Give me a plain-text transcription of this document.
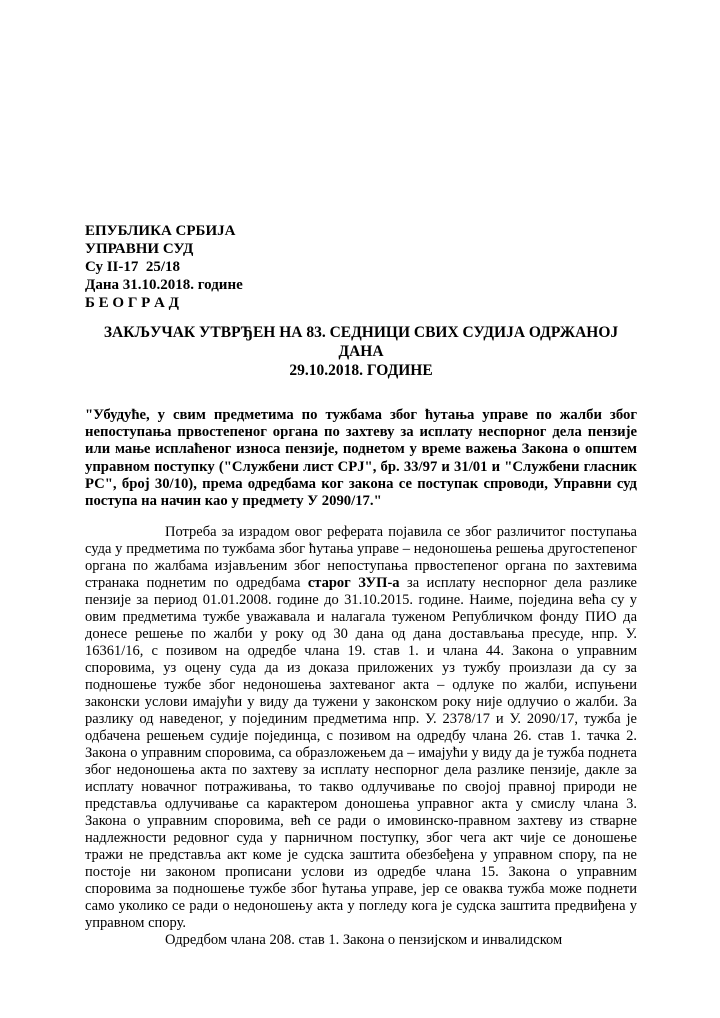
ЕПУБЛИКА СРБИЈА
УПРАВНИ СУД
Су II-17  25/18
Дана 31.10.2018. године
Б Е О Г Р А Д
ЗАКЉУЧАК УТВРЂЕН НА 83. СЕДНИЦИ СВИХ СУДИЈА ОДРЖАНОЈ ДАНА
29.10.2018. ГОДИНЕ

"Убудуће, у свим предметима по тужбама због ћутања управе по жалби због непоступања првостепеног органа по захтеву за исплату неспорног дела пензије или мање исплаћеног износа пензије, поднетом у време важења Закона о општем управном поступку ("Службени лист СРЈ", бр. 33/97 и 31/01 и "Службени гласник РС", број 30/10), према одредбама ког закона се поступак спроводи, Управни суд поступа на начин као у предмету У 2090/17."

Потреба за израдом овог реферата појавила се због различитог поступања суда у предметима по тужбама због ћутања управе – недоношења решења другостепеног органа по жалбама изјављеним због непоступања првостепеног органа по захтевима странака поднетим по одредбама старог ЗУП-а за исплату неспорног дела разлике пензије за период 01.01.2008. године до 31.10.2015. године. Наиме, поједина већа су у овим предметима тужбе уважавала и налагала туженом Републичком фонду ПИО да донесе решење по жалби у року од 30 дана од дана достављања пресуде, нпр. У. 16361/16, с позивом на одредбе члана 19. став 1. и члана 44. Закона о управним споровима, уз оцену суда да из доказа приложених уз тужбу произлази да су за подношење тужбе због недоношења захтеваног акта – одлуке по жалби, испуњени законски услови имајући у виду да тужени у законском року није одлучио о жалби. За разлику од наведеног, у појединим предметима нпр. У. 2378/17 и У. 2090/17, тужба је одбачена решењем судије појединца, с позивом на одредбу члана 26. став 1. тачка 2. Закона о управним споровима, са образложењем да – имајући у виду да је тужба поднета због недоношења акта по захтеву за исплату неспорног дела разлике пензије, дакле за исплату новачног потраживања, то такво одлучивање по својој правној природи не представља одлучивање са карактером доношења управног акта у смислу члана 3. Закона о управним споровима, већ се ради о имовинско-правном захтеву из стварне надлежности редовног суда у парничном поступку, због чега акт чије се доношење тражи не представља акт коме је судска заштита обезбеђена у управном спору, па не постоје ни законом прописани услови из одредбе члана 15. Закона о управним споровима за подношење тужбе због ћутања управе, јер се оваква тужба може поднети само уколико се ради о недоношењу акта у погледу кога је судска заштита предвиђена у управном спору.

Одредбом члана 208. став 1. Закона о пензијском и инвалидском
